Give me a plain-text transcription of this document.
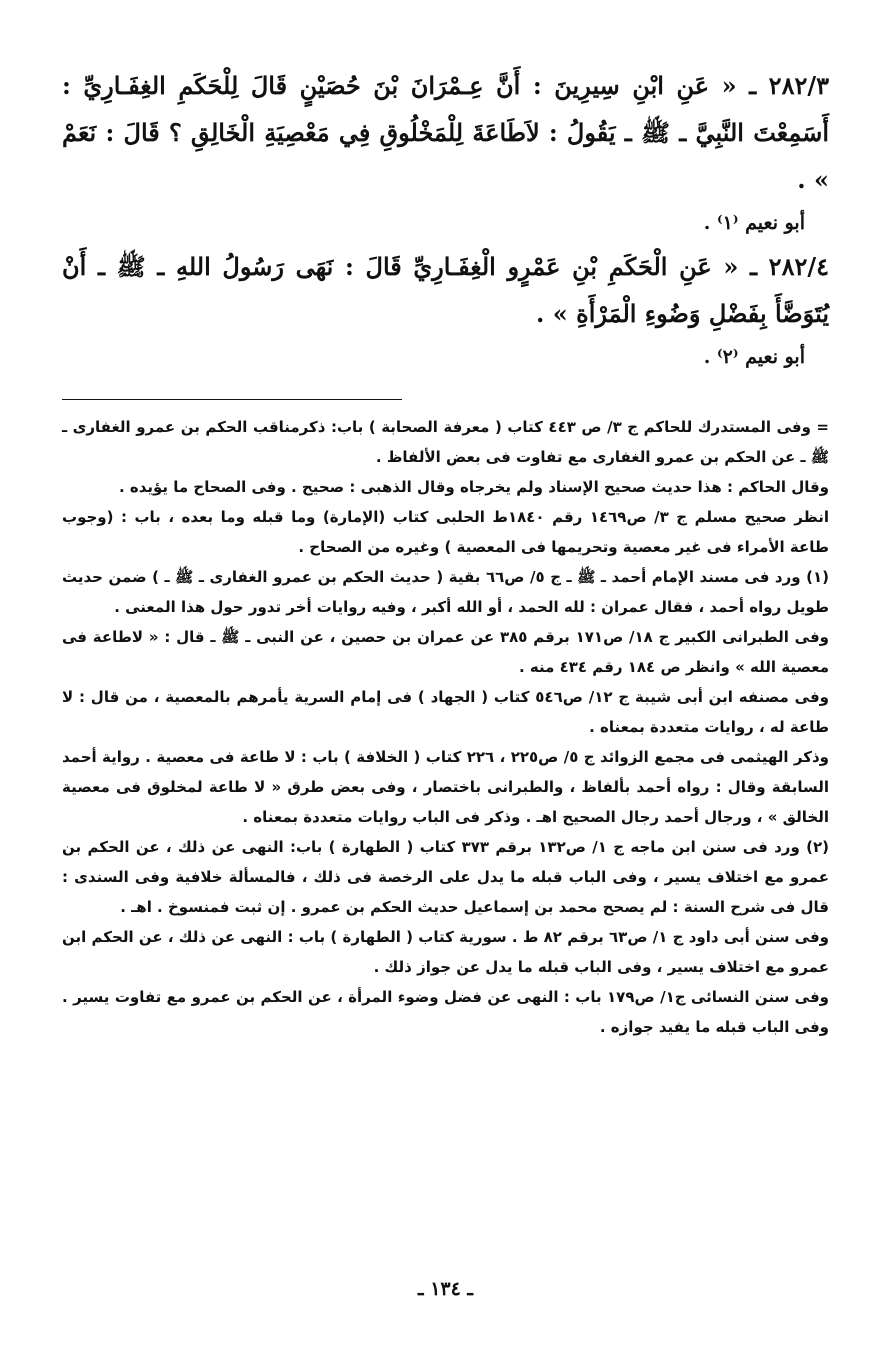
٢٨٢/٣ ـ « عَنِ ابْنِ سِيرِينَ : أَنَّ عِـمْرَانَ بْنَ حُصَيْنٍ قَالَ لِلْحَكَمِ الغِفَـارِيِّ : أَسَمِعْتَ النَّبِيَّ ـ ﷺ ـ يَقُولُ : لاَطَاعَةَ لِلْمَخْلُوقِ فِي مَعْصِيَةِ الْخَالِقِ ؟ قَالَ : نَعَمْ » .

أبو نعيم ⁽١⁾ .

٢٨٢/٤ ـ « عَنِ الْحَكَمِ بْنِ عَمْرٍو الْغِفَـارِيِّ قَالَ : نَهَى رَسُولُ اللهِ ـ ﷺ ـ أَنْ يُتَوَضَّأَ بِفَضْلِ وَضُوءِ الْمَرْأَةِ » .

أبو نعيم ⁽٢⁾ .

= وفى المستدرك للحاكم ج ٣/ ص ٤٤٣ كتاب ( معرفة الصحابة ) باب: ذكرمناقب الحكم بن عمرو الغفارى ـ ﷺ ـ عن الحكم بن عمرو الغفارى مع تفاوت فى بعض الألفاظ .

وقال الحاكم : هذا حديث صحيح الإسناد ولم يخرجاه وقال الذهبى : صحيح . وفى الصحاح ما يؤيده .

انظر صحيح مسلم ج ٣/ ص١٤٦٩ رقم ١٨٤٠ط الحلبى كتاب (الإمارة) وما قبله وما بعده ، باب : (وجوب طاعة الأمراء فى غير معصية وتحريمها فى المعصية ) وغيره من الصحاح .

(١) ورد فى مسند الإمام أحمد ـ ﷺ ـ ج ٥/ ص٦٦ بقية ( حديث الحكم بن عمرو الغفارى ـ ﷺ ـ ) ضمن حديث طويل رواه أحمد ، فقال عمران : لله الحمد ، أو الله أكبر ، وفيه روايات أخر تدور حول هذا المعنى .

وفى الطبرانى الكبير ج ١٨/ ص١٧١ برقم ٣٨٥ عن عمران بن حصين ، عن النبى ـ ﷺ ـ قال : « لاطاعة فى معصية الله » وانظر ص ١٨٤ رقم ٤٣٤ منه .

وفى مصنفه ابن أبى شيبة ج ١٢/ ص٥٤٦ كتاب ( الجهاد ) فى إمام السرية يأمرهم بالمعصية ، من قال : لا طاعة له ، روايات متعددة بمعناه .

وذكر الهيثمى فى مجمع الزوائد ج ٥/ ص٢٢٥ ، ٢٢٦ كتاب ( الخلافة ) باب : لا طاعة فى معصية . رواية أحمد السابقة وقال : رواه أحمد بألفاظ ، والطبرانى باختصار ، وفى بعض طرق « لا طاعة لمخلوق فى معصية الخالق » ، ورجال أحمد رجال الصحيح اهـ . وذكر فى الباب روايات متعددة بمعناه .

(٢) ورد فى سنن ابن ماجه ج ١/ ص١٣٢ برقم ٣٧٣ كتاب ( الطهارة ) باب: النهى عن ذلك ، عن الحكم بن عمرو مع اختلاف يسير ، وفى الباب قبله ما يدل على الرخصة فى ذلك ، فالمسألة خلافية وفى السندى : قال فى شرح السنة : لم يصحح محمد بن إسماعيل حديث الحكم بن عمرو . إن ثبت فمنسوخ . اهـ .

وفى سنن أبى داود ج ١/ ص٦٣ برقم ٨٢ ط . سورية كتاب ( الطهارة ) باب : النهى عن ذلك ، عن الحكم ابن عمرو مع اختلاف يسير ، وفى الباب قبله ما يدل عن جواز ذلك .

وفى سنن النسائى ج١/ ص١٧٩ باب : النهى عن فضل وضوء المرأة ، عن الحكم بن عمرو مع تفاوت يسير . وفى الباب قبله ما يفيد جوازه .

ـ ١٣٤ ـ
